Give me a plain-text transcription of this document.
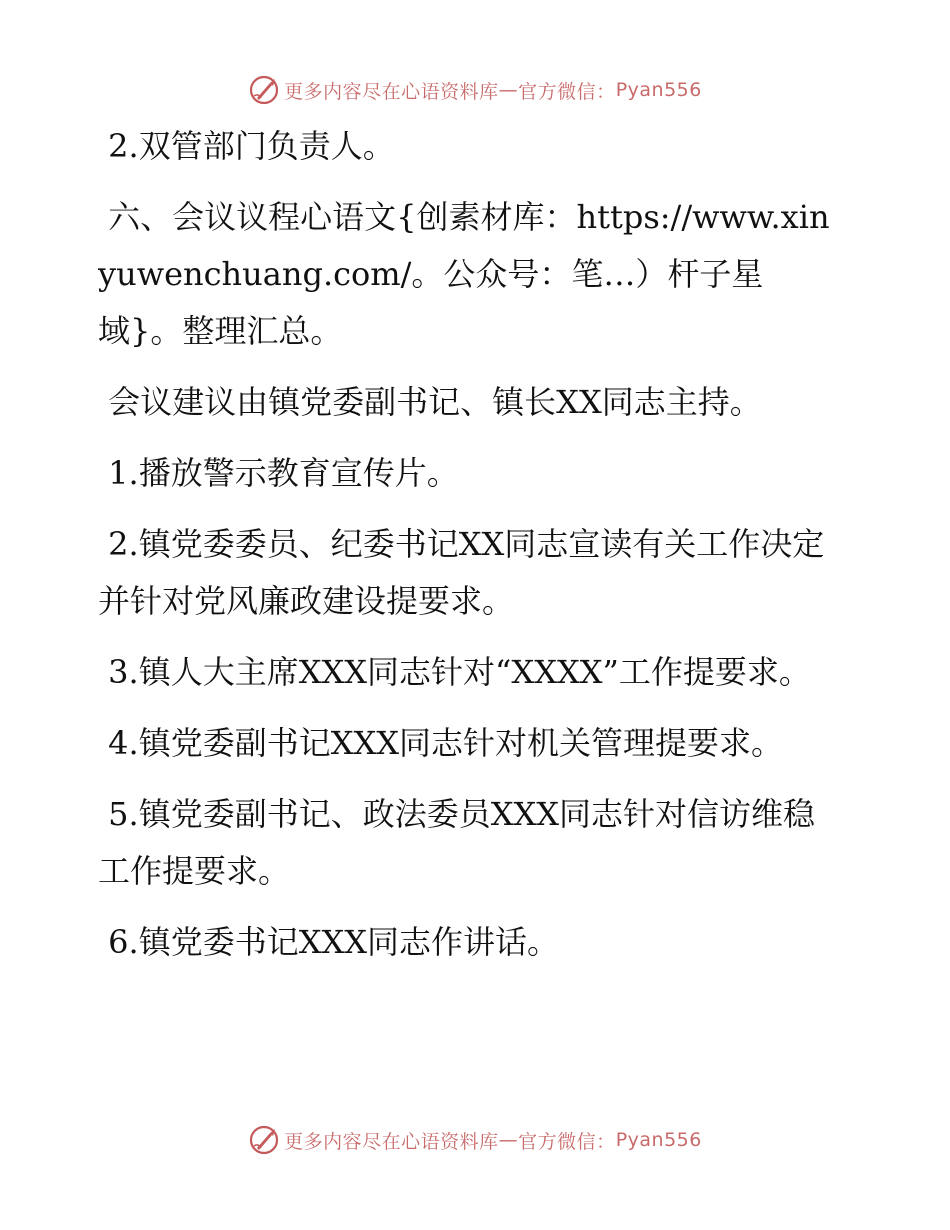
更多内容尽在心语资料库 — 官方微信： Pyan556

2.双管部门负责人。

六、会议议程心语文{创素材库：https://www.xinyuwenchuang.com/。公众号：笔…）杆子星域}。整理汇总。

会议建议由镇党委副书记、镇长XX同志主持。

1.播放警示教育宣传片。

2.镇党委委员、纪委书记XX同志宣读有关工作决定并针对党风廉政建设提要求。

3.镇人大主席XXX同志针对“XXXX”工作提要求。

4.镇党委副书记XXX同志针对机关管理提要求。

5.镇党委副书记、政法委员XXX同志针对信访维稳工作提要求。

6.镇党委书记XXX同志作讲话。

更多内容尽在心语资料库 — 官方微信： Pyan556
